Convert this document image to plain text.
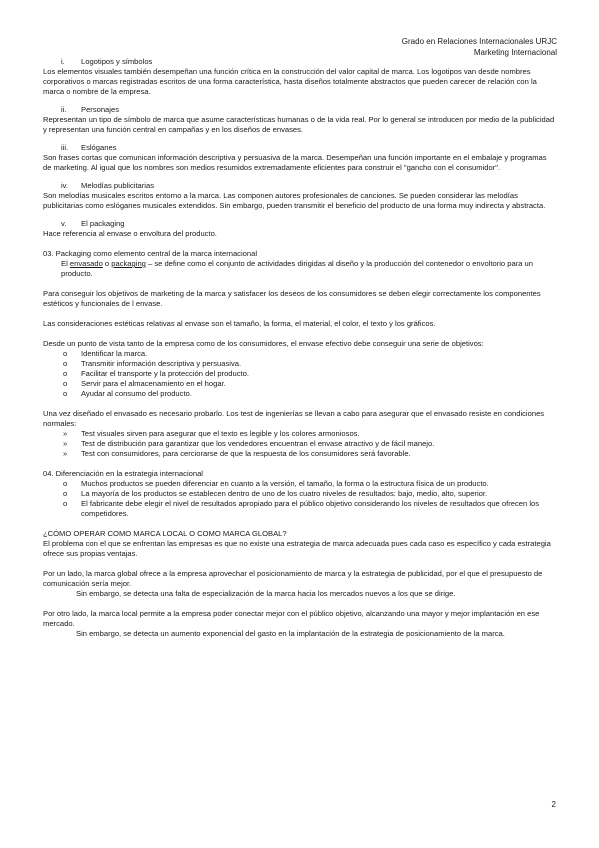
Grado en Relaciones Internacionales URJC
Marketing Internacional
i.	Logotipos y símbolos

Los elementos visuales también desempeñan una función crítica en la construcción del valor capital de marca. Los logotipos van desde nombres corporativos o marcas registradas escritos de una forma característica, hasta diseños totalmente abstractos que pueden carecer de relación con la marca o nombre de la empresa.

ii.	Personajes

Representan un tipo de símbolo de marca que asume características humanas o de la vida real. Por lo general se introducen por medio de la publicidad y representan una función central en campañas y en los diseños de envases.

iii.	Eslóganes

Son frases cortas que comunican información descriptiva y persuasiva de la marca. Desempeñan una función importante en el embalaje y programas de marketing. Al igual que los nombres son medios resumidos extremadamente eficientes para construir el "gancho con el consumidor".

iv.	Melodías publicitarias

Son melodías musicales escritos entorno a la marca. Las componen autores profesionales de canciones. Se pueden considerar las melodías publicitarias como eslóganes musicales extendidos. Sin embargo, pueden transmitir el beneficio del producto de una forma muy indirecta y abstracta.

v.	El packaging

Hace referencia al envase o envoltura del producto.

03. Packaging como elemento central de la marca internacional

El envasado o packaging – se define como el conjunto de actividades dirigidas al diseño y la producción del contenedor o envoltorio para un producto.

Para conseguir los objetivos de marketing de la marca y satisfacer los deseos de los consumidores se deben elegir correctamente los componentes estéticos y funcionales de l envase.

Las consideraciones estéticas relativas al envase son el tamaño, la forma, el material, el color, el texto y los gráficos.

Desde un punto de vista tanto de la empresa como de los consumidores, el envase efectivo debe conseguir una serie de objetivos:

o	Identificar la marca.
o	Transmitir información descriptiva y persuasiva.
o	Facilitar el transporte y la protección del producto.
o	Servir para el almacenamiento en el hogar.
o	Ayudar al consumo del producto.

Una vez diseñado el envasado es necesario probarlo. Los test de ingenierías se llevan a cabo para asegurar que el envasado resiste en condiciones normales:

»	Test visuales sirven para asegurar que el texto es legible y los colores armoniosos.
»	Test de distribución para garantizar que los vendedores encuentran el envase atractivo y de fácil manejo.
»	Test con consumidores, para cerciorarse de que la respuesta de los consumidores será favorable.

04. Diferenciación en la estrategia internacional

o	Muchos productos se pueden diferenciar en cuanto a la versión, el tamaño, la forma o la estructura física de un producto.
o	La mayoría de los productos se establecen dentro de uno de los cuatro niveles de resultados: bajo, medio, alto, superior.
o	El fabricante debe elegir el nivel de resultados apropiado para el público objetivo considerando los niveles de resultados que ofrecen los competidores.

¿CÓMO OPERAR COMO MARCA LOCAL O COMO MARCA GLOBAL?

El problema con el que se enfrentan las empresas es que no existe una estrategia de marca adecuada pues cada caso es específico y cada estrategia ofrece sus propias ventajas.

Por un lado, la marca global ofrece a la empresa aprovechar el posicionamiento de marca y la estrategia de publicidad, por el que el presupuesto de comunicación sería mejor.

Sin embargo, se detecta una falta de especialización de la marca hacia los mercados nuevos a los que se dirige.

Por otro lado, la marca local permite a la empresa poder conectar mejor con el público objetivo, alcanzando una mayor y mejor implantación en ese mercado.

Sin embargo, se detecta un aumento exponencial del gasto en la implantación de la estrategia de posicionamiento de la marca.

2
